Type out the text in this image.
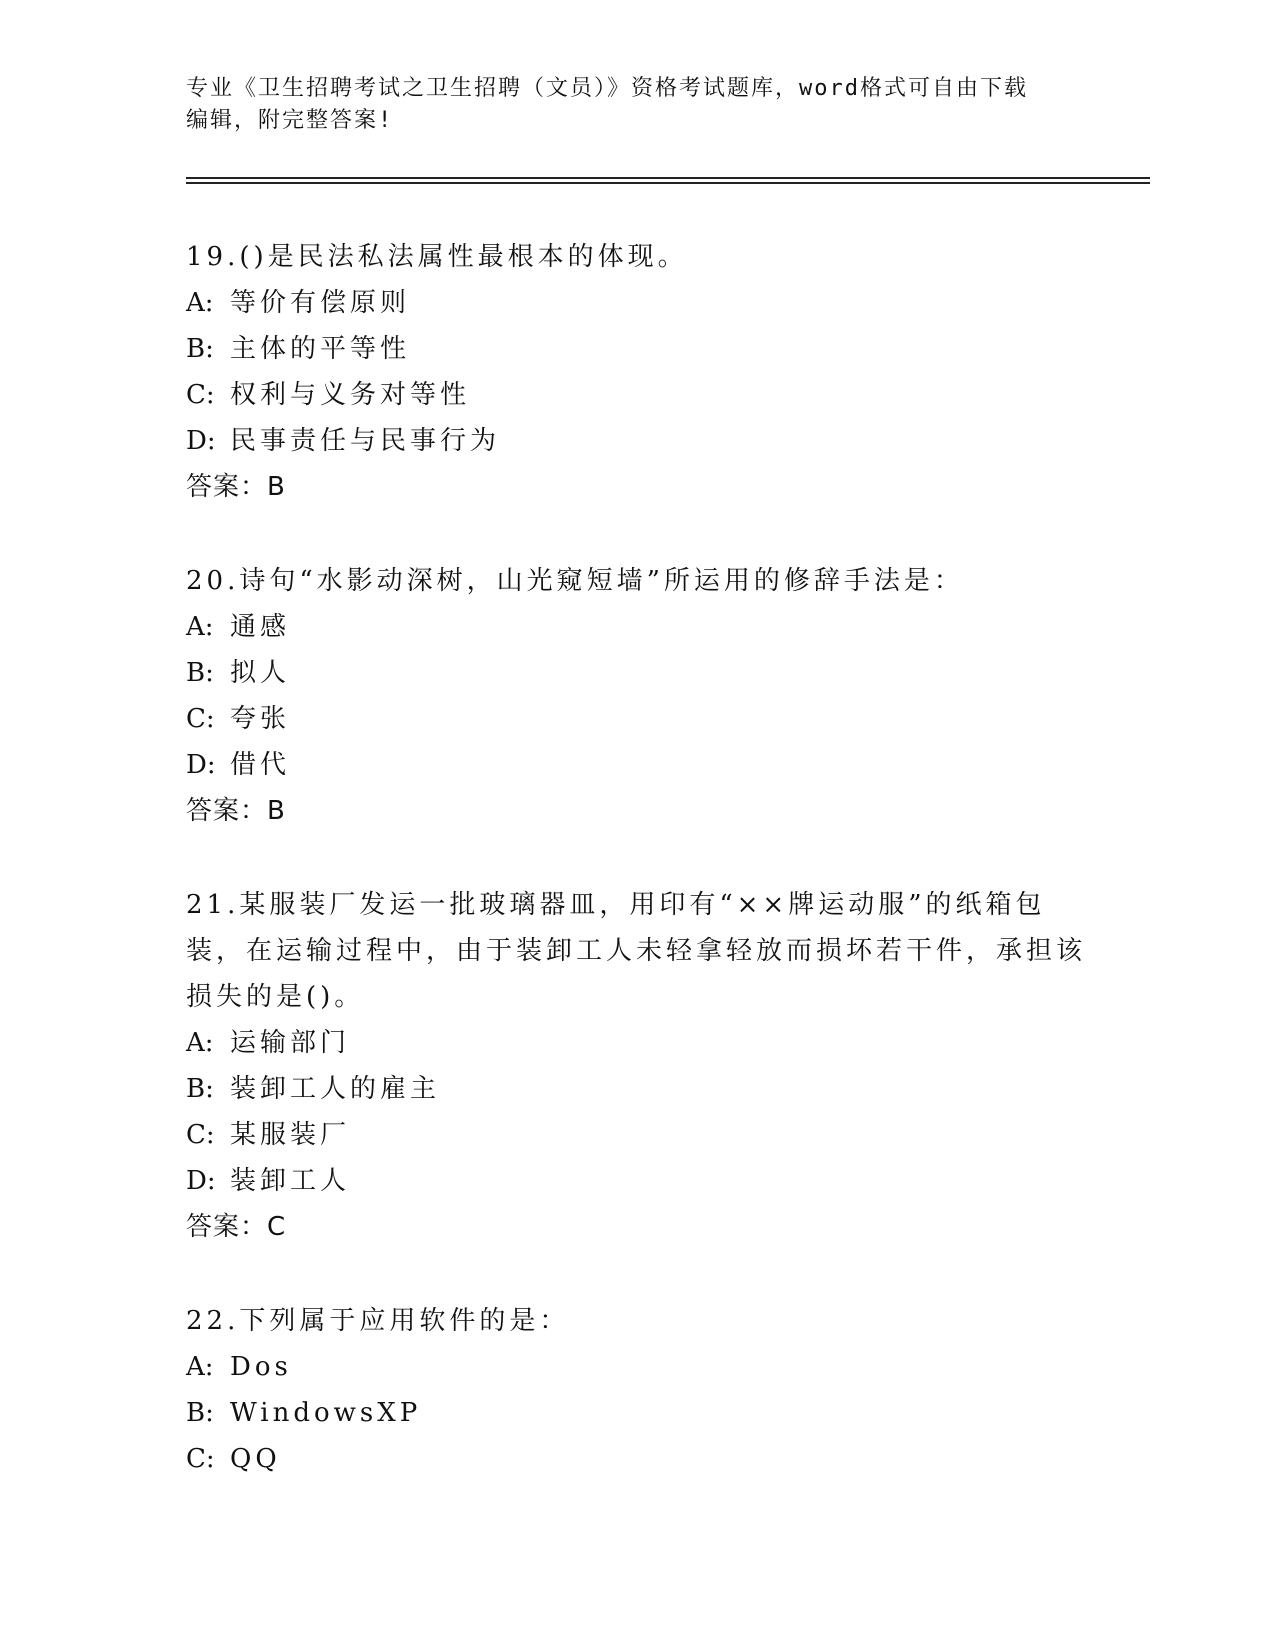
专业《卫生招聘考试之卫生招聘（文员）》资格考试题库，word格式可自由下载
编辑，附完整答案!
19.()是民法私法属性最根本的体现。
A: 等价有偿原则
B: 主体的平等性
C: 权利与义务对等性
D: 民事责任与民事行为
答案：B
20.诗句“水影动深树，山光窥短墙”所运用的修辞手法是：
A: 通感
B: 拟人
C: 夸张
D: 借代
答案：B
21.某服装厂发运一批玻璃器皿，用印有“××牌运动服”的纸箱包装，在运输过程中，由于装卸工人未轻拿轻放而损坏若干件，承担该损失的是()。
A: 运输部门
B: 装卸工人的雇主
C: 某服装厂
D: 装卸工人
答案：C
22.下列属于应用软件的是：
A: Dos
B: WindowsXP
C: QQ
